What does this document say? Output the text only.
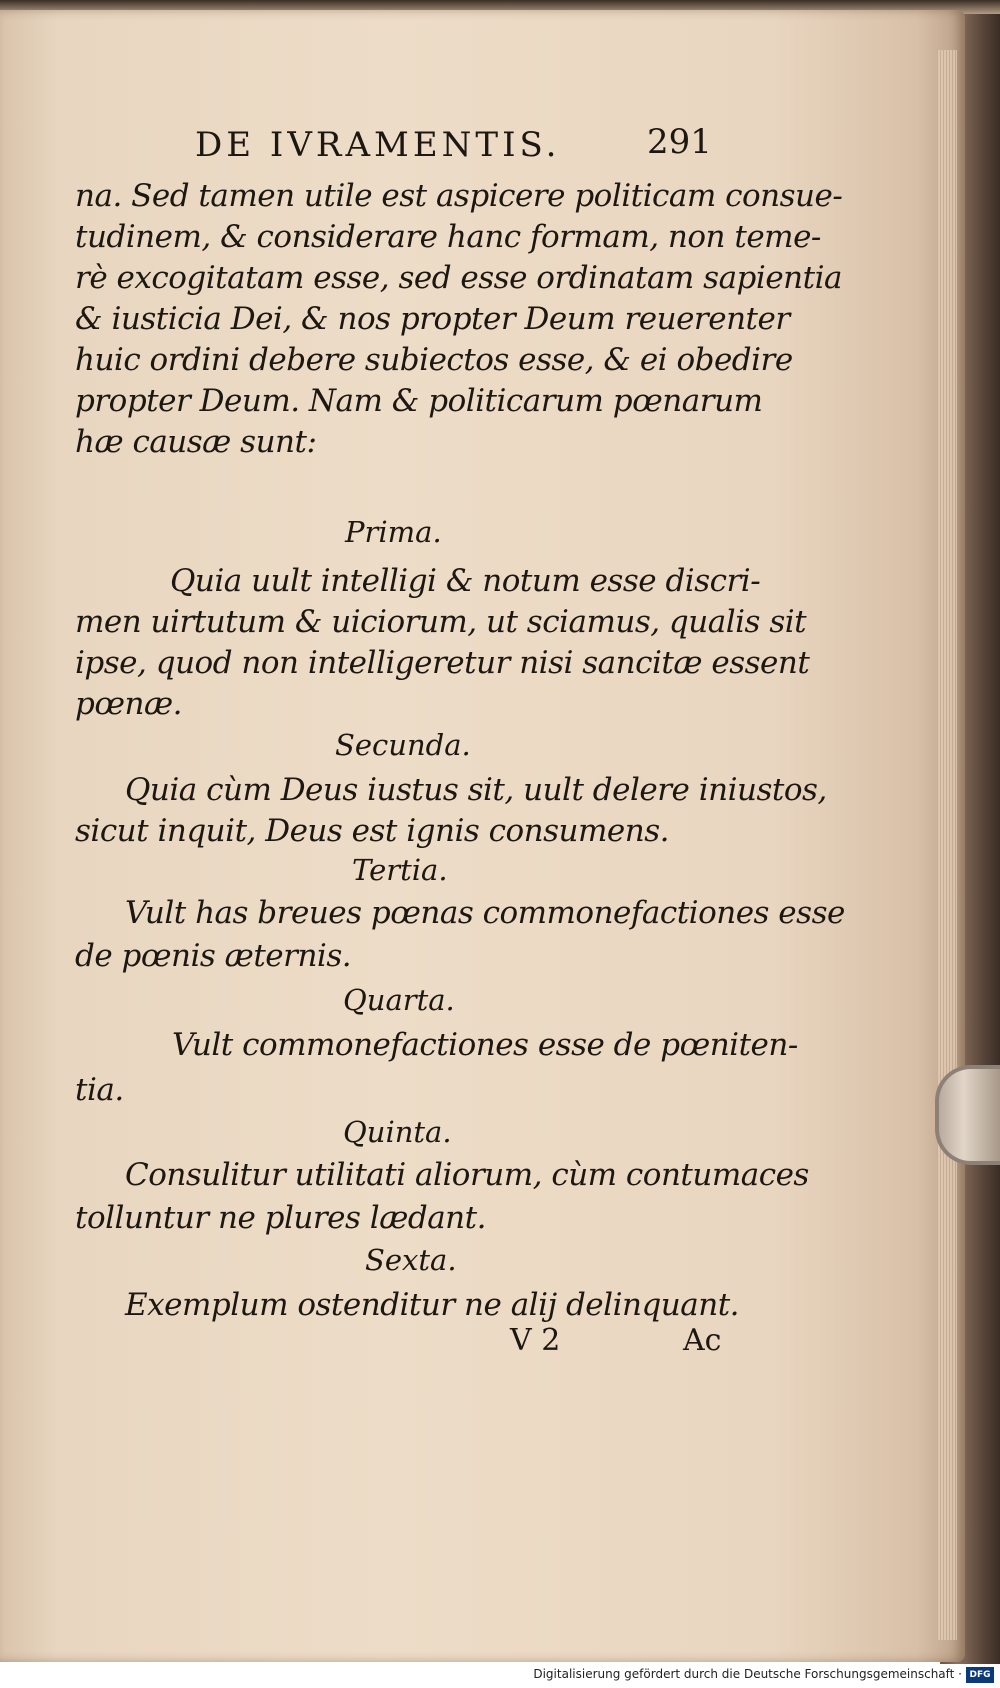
DE IVRAMENTIS.	291
na. Sed tamen utile est aspicere politicam consue-
tudinem, & considerare hanc formam, non teme-
rè excogitatam esse, sed esse ordinatam sapientia
& iusticia Dei, & nos propter Deum reuerenter
huic ordini debere subiectos esse, & ei obedire
propter Deum. Nam & politicarum pœnarum
hæ causæ sunt:
Prima.
Quia uult intelligi & notum esse discri-
men uirtutum & uiciorum, ut sciamus, qualis sit
ipse, quod non intelligeretur nisi sancitæ essent
pœnæ.
Secunda.
Quia cùm Deus iustus sit, uult delere iniustos,
sicut inquit, Deus est ignis consumens.
Tertia.
Vult has breues pœnas commonefactiones esse
de pœnis æternis.
Quarta.
Vult commonefactiones esse de pœniten-
tia.
Quinta.
Consulitur utilitati aliorum, cùm contumaces
tolluntur ne plures lædant.
Sexta.
Exemplum ostenditur ne alij delinquant.
V 2	Ac
Digitalisierung gefördert durch die Deutsche Forschungsgemeinschaft · DFG
